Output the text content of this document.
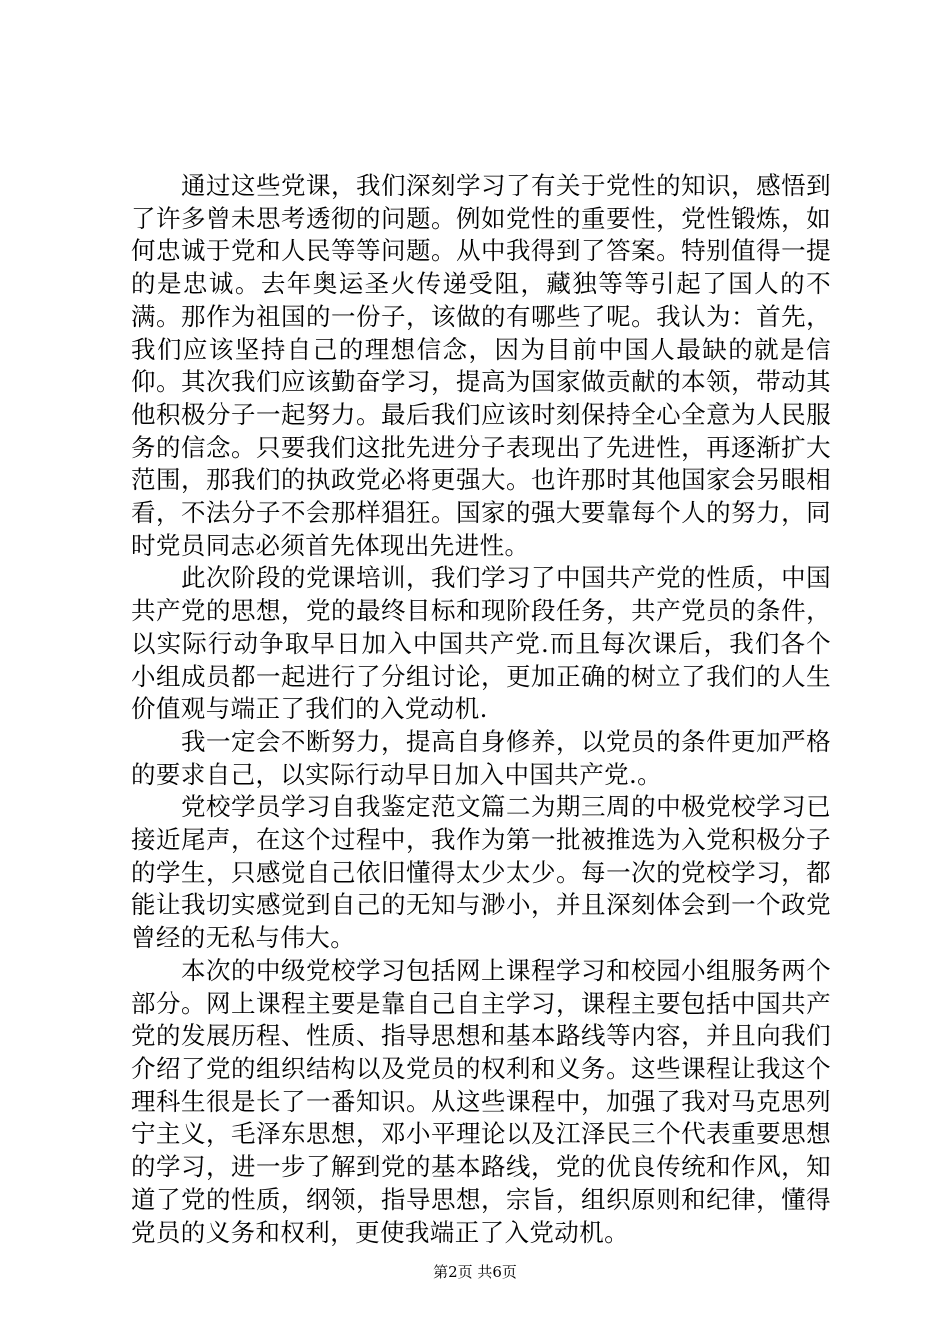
通过这些党课，我们深刻学习了有关于党性的知识，感悟到了许多曾未思考透彻的问题。例如党性的重要性，党性锻炼，如何忠诚于党和人民等等问题。从中我得到了答案。特别值得一提的是忠诚。去年奥运圣火传递受阻，藏独等等引起了国人的不满。那作为祖国的一份子，该做的有哪些了呢。我认为：首先，我们应该坚持自己的理想信念，因为目前中国人最缺的就是信仰。其次我们应该勤奋学习，提高为国家做贡献的本领，带动其他积极分子一起努力。最后我们应该时刻保持全心全意为人民服务的信念。只要我们这批先进分子表现出了先进性，再逐渐扩大范围，那我们的执政党必将更强大。也许那时其他国家会另眼相看，不法分子不会那样猖狂。国家的强大要靠每个人的努力，同时党员同志必须首先体现出先进性。

此次阶段的党课培训，我们学习了中国共产党的性质，中国共产党的思想，党的最终目标和现阶段任务，共产党员的条件，以实际行动争取早日加入中国共产党.而且每次课后，我们各个小组成员都一起进行了分组讨论，更加正确的树立了我们的人生价值观与端正了我们的入党动机.

我一定会不断努力，提高自身修养，以党员的条件更加严格的要求自己，以实际行动早日加入中国共产党.。

党校学员学习自我鉴定范文篇二为期三周的中极党校学习已接近尾声，在这个过程中，我作为第一批被推选为入党积极分子的学生，只感觉自己依旧懂得太少太少。每一次的党校学习，都能让我切实感觉到自己的无知与渺小，并且深刻体会到一个政党曾经的无私与伟大。

本次的中级党校学习包括网上课程学习和校园小组服务两个部分。网上课程主要是靠自己自主学习，课程主要包括中国共产党的发展历程、性质、指导思想和基本路线等内容，并且向我们介绍了党的组织结构以及党员的权利和义务。这些课程让我这个理科生很是长了一番知识。从这些课程中，加强了我对马克思列宁主义，毛泽东思想，邓小平理论以及江泽民三个代表重要思想的学习，进一步了解到党的基本路线，党的优良传统和作风，知道了党的性质，纲领，指导思想，宗旨，组织原则和纪律，懂得党员的义务和权利，更使我端正了入党动机。

第2页 共6页
